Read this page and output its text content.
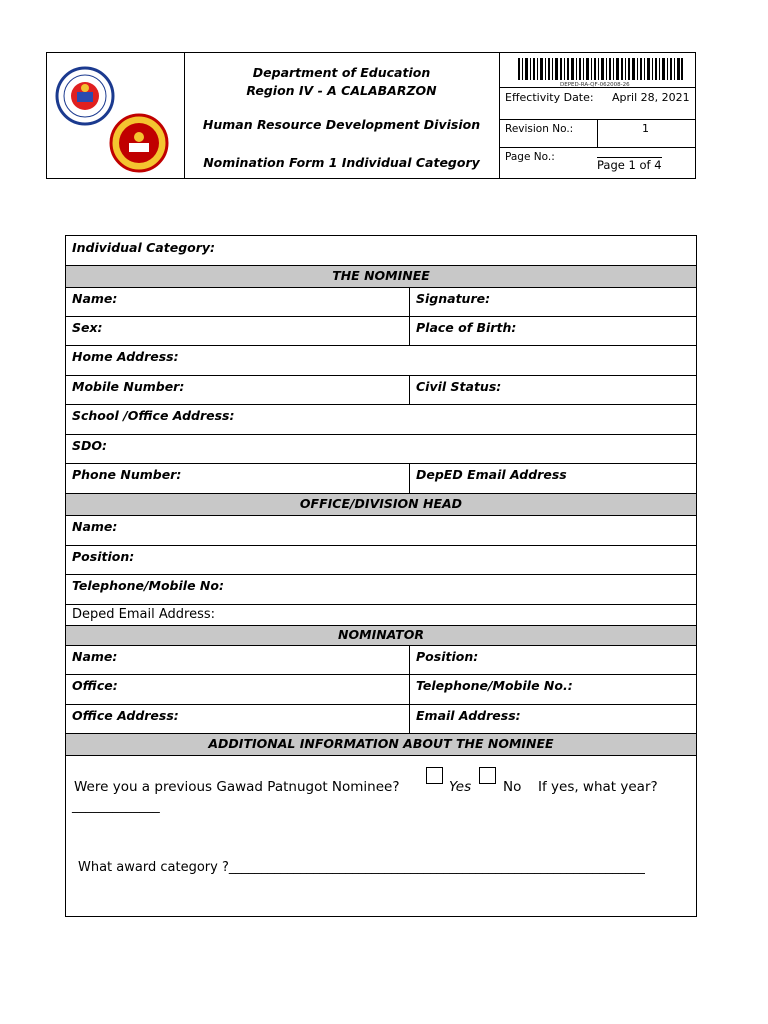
Department of Education
Region IV - A CALABARZON
Human Resource Development Division
Nomination Form 1 Individual Category
DEPED-RA-QF-062008-26
Effectivity Date: April 28, 2021
Revision No.:	1
Page No.:
Page 1 of 4
Individual Category:
THE NOMINEE
Name:	Signature:
Sex:	Place of Birth:
Home Address:
Mobile Number:	Civil Status:
School /Office Address:
SDO:
Phone Number:	DepED Email Address
OFFICE/DIVISION HEAD
Name:
Position:
Telephone/Mobile No:
Deped Email Address:
NOMINATOR
Name:	Position:
Office:	Telephone/Mobile No.:
Office Address:	Email Address:
ADDITIONAL INFORMATION ABOUT THE NOMINEE
Were you a previous Gawad Patnugot Nominee?	Yes No If yes, what year?
_____________
What award category ?________________________________________________________________
